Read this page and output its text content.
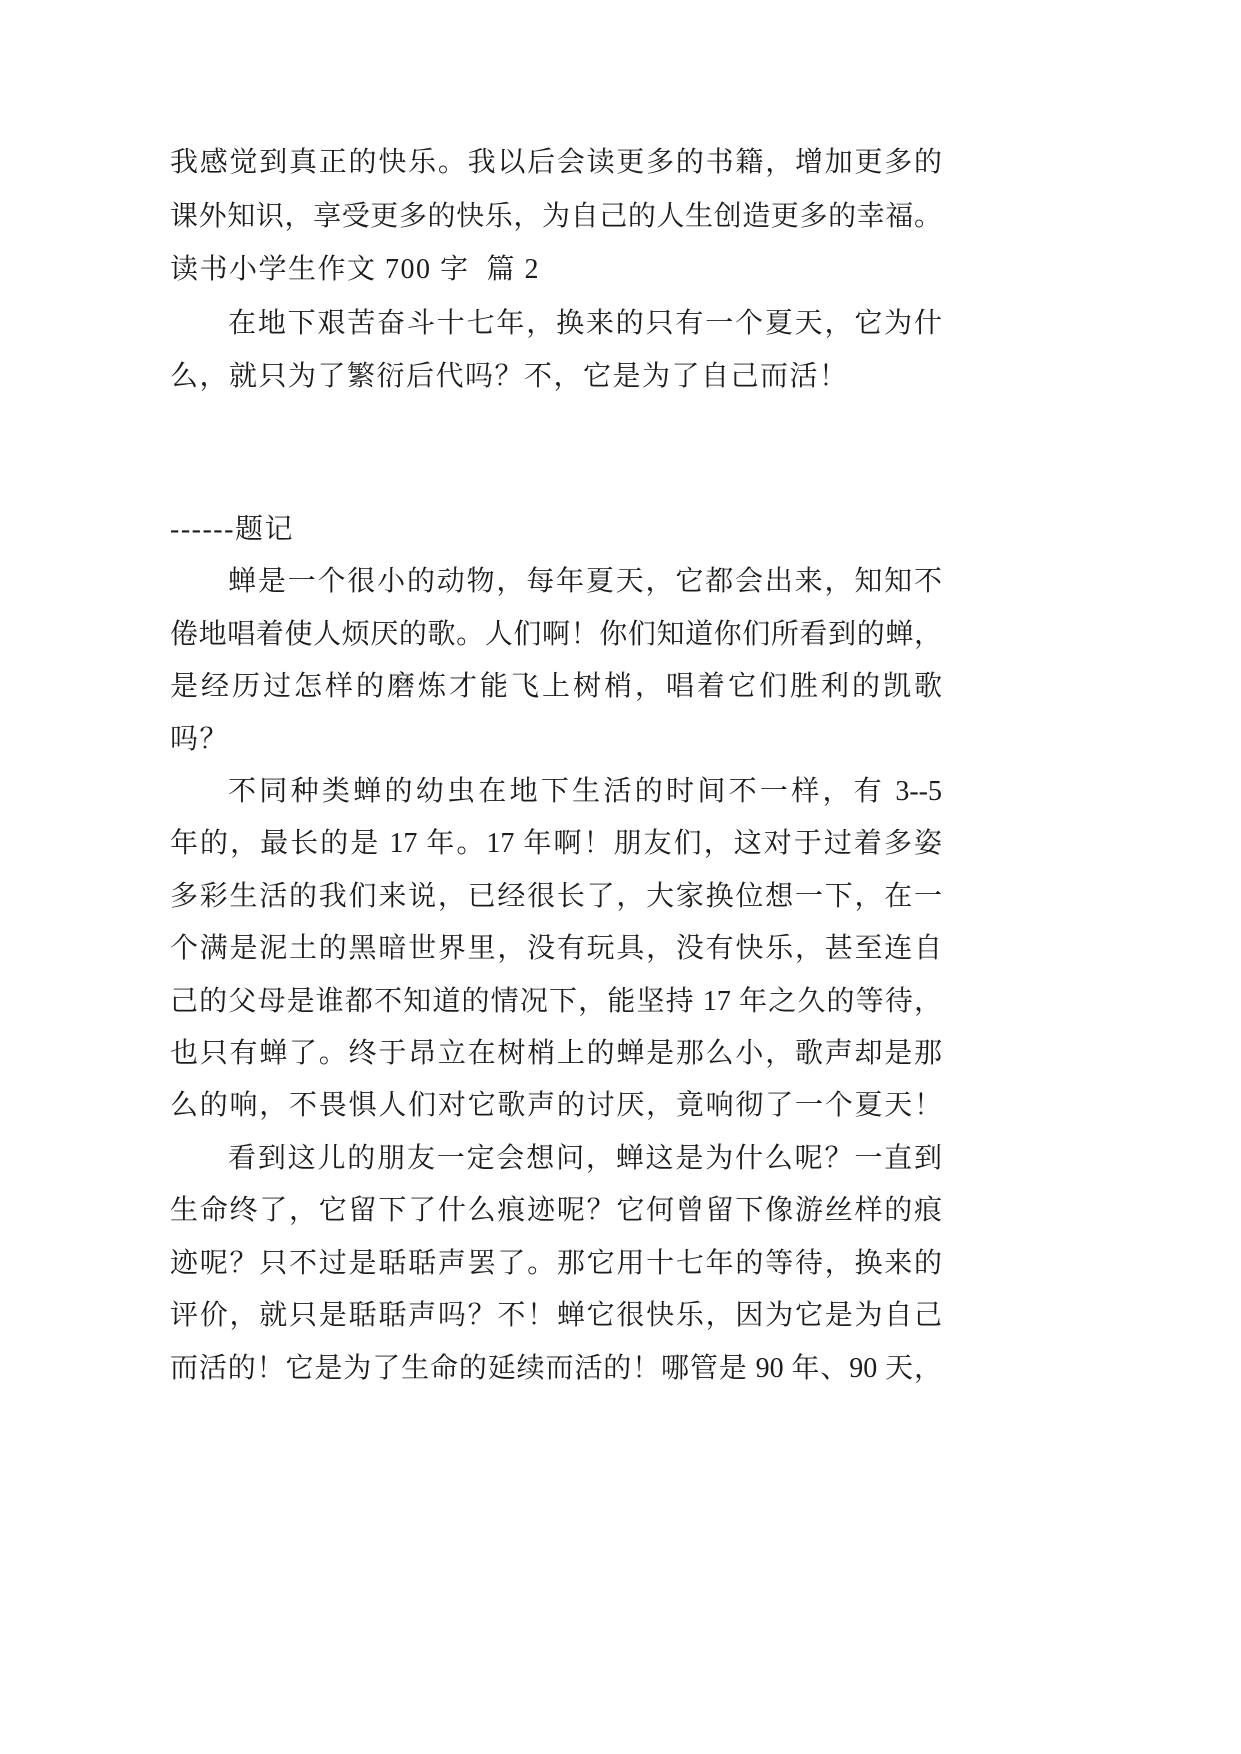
我感觉到真正的快乐。我以后会读更多的书籍，增加更多的
课外知识，享受更多的快乐，为自己的人生创造更多的幸福。
读书小学生作文 700 字  篇 2
在地下艰苦奋斗十七年，换来的只有一个夏天，它为什
么，就只为了繁衍后代吗？不，它是为了自己而活！
------题记
蝉是一个很小的动物，每年夏天，它都会出来，知知不
倦地唱着使人烦厌的歌。人们啊！你们知道你们所看到的蝉，
是经历过怎样的磨炼才能飞上树梢，唱着它们胜利的凯歌
吗？
不同种类蝉的幼虫在地下生活的时间不一样，有 3--5
年的，最长的是 17 年。17 年啊！朋友们，这对于过着多姿
多彩生活的我们来说，已经很长了，大家换位想一下，在一
个满是泥土的黑暗世界里，没有玩具，没有快乐，甚至连自
己的父母是谁都不知道的情况下，能坚持 17 年之久的等待，
也只有蝉了。终于昂立在树梢上的蝉是那么小，歌声却是那
么的响，不畏惧人们对它歌声的讨厌，竟响彻了一个夏天！
看到这儿的朋友一定会想问，蝉这是为什么呢？一直到
生命终了，它留下了什么痕迹呢？它何曾留下像游丝样的痕
迹呢？只不过是聒聒声罢了。那它用十七年的等待，换来的
评价，就只是聒聒声吗？不！蝉它很快乐，因为它是为自己
而活的！它是为了生命的延续而活的！哪管是 90 年、90 天，
